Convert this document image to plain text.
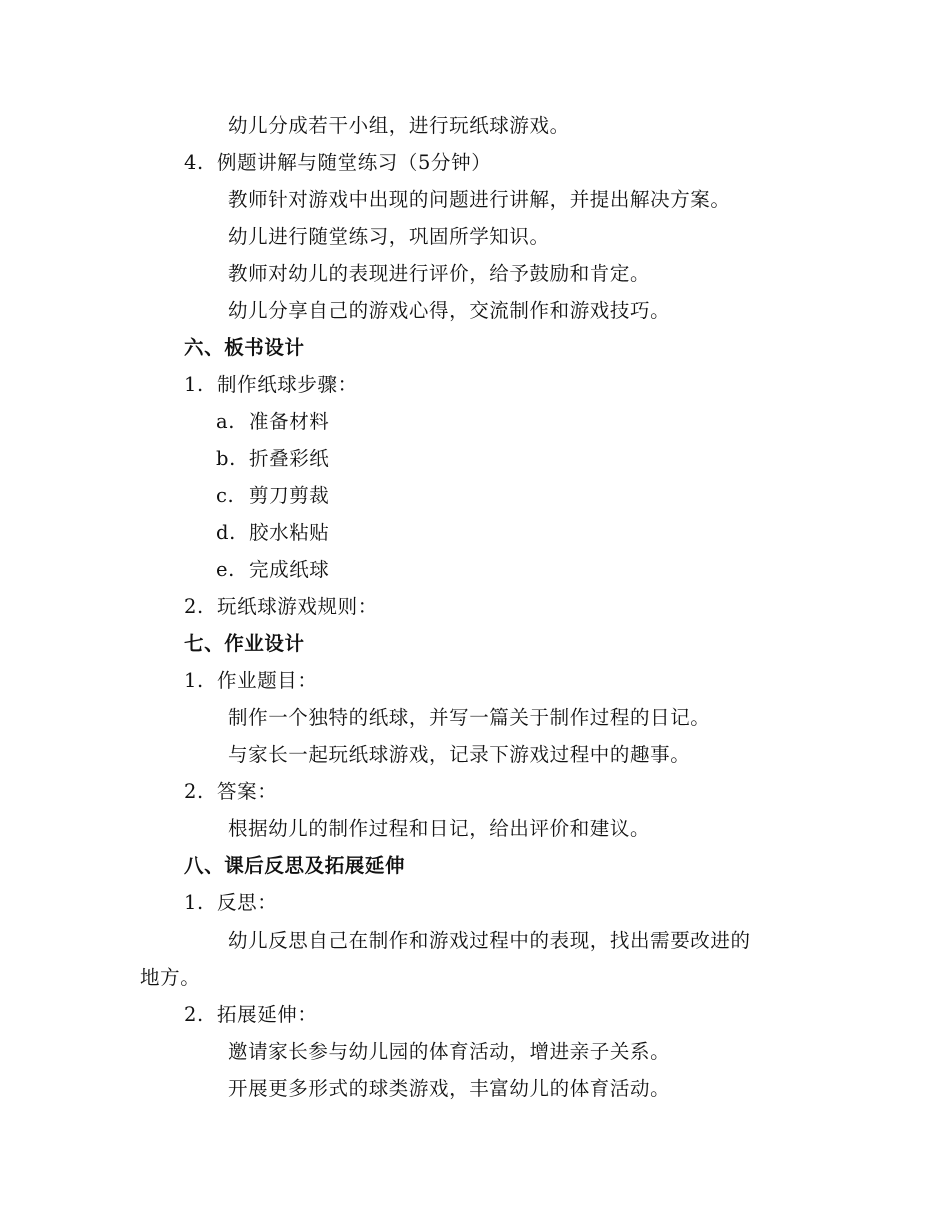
幼儿分成若干小组，进行玩纸球游戏。
4. 例题讲解与随堂练习（5分钟）
教师针对游戏中出现的问题进行讲解，并提出解决方案。
幼儿进行随堂练习，巩固所学知识。
教师对幼儿的表现进行评价，给予鼓励和肯定。
幼儿分享自己的游戏心得，交流制作和游戏技巧。
六、板书设计
1. 制作纸球步骤：
a. 准备材料
b. 折叠彩纸
c. 剪刀剪裁
d. 胶水粘贴
e. 完成纸球
2. 玩纸球游戏规则：
七、作业设计
1. 作业题目：
制作一个独特的纸球，并写一篇关于制作过程的日记。
与家长一起玩纸球游戏，记录下游戏过程中的趣事。
2. 答案：
根据幼儿的制作过程和日记，给出评价和建议。
八、课后反思及拓展延伸
1. 反思：
幼儿反思自己在制作和游戏过程中的表现，找出需要改进的
地方。
2. 拓展延伸：
邀请家长参与幼儿园的体育活动，增进亲子关系。
开展更多形式的球类游戏，丰富幼儿的体育活动。
